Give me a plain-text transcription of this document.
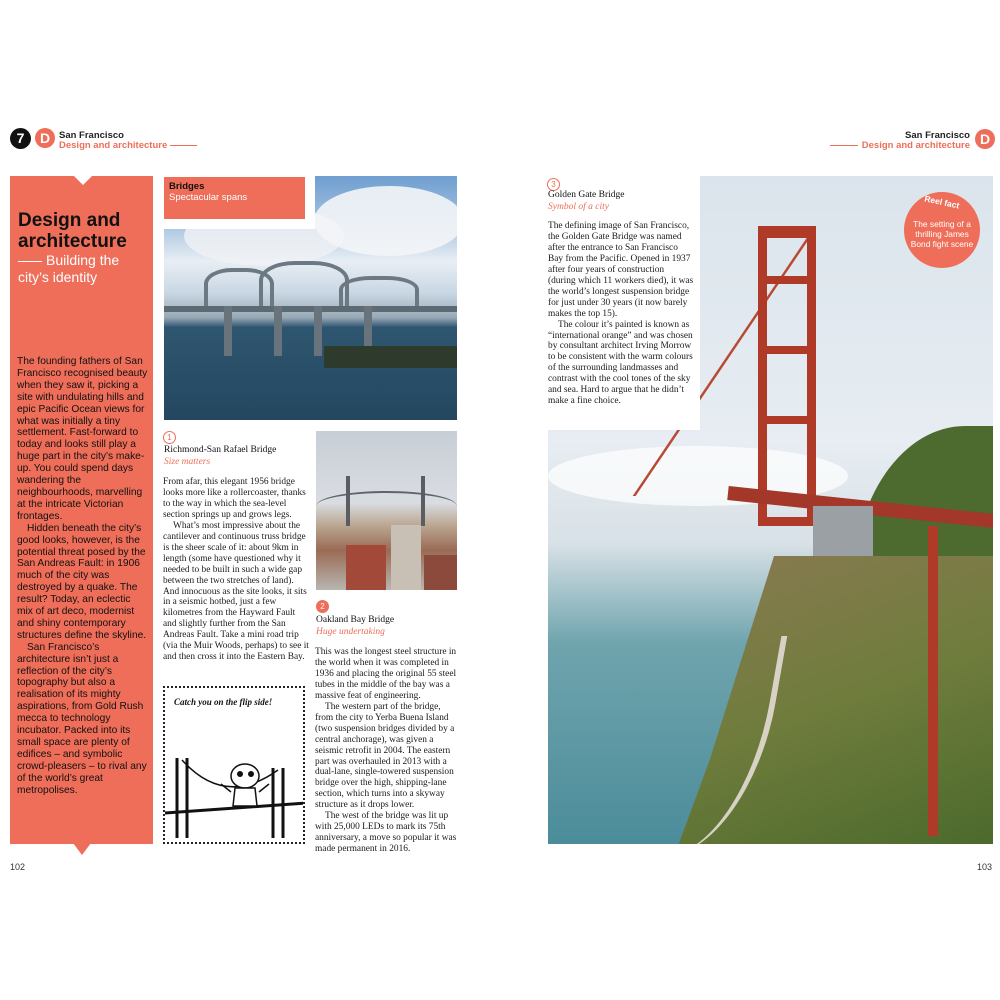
7	D San Francisco
Design and architecture
San Francisco
Design and architecture D
Design and architecture
Building the city’s identity

The founding fathers of San Francisco recognised beauty when they saw it, picking a site with undulating hills and epic Pacific Ocean views for what was initially a tiny settlement. Fast-forward to today and looks still play a huge part in the city’s make-up. You could spend days wandering the neighbourhoods, marvelling at the intricate Victorian frontages.

Hidden beneath the city’s good looks, however, is the potential threat posed by the San Andreas Fault: in 1906 much of the city was destroyed by a quake. The result? Today, an eclectic mix of art deco, modernist and shiny contemporary structures define the skyline.

San Francisco’s architecture isn’t just a reflection of the city’s topography but also a realisation of its mighty aspirations, from Gold Rush mecca to technology incubator. Packed into its small space are plenty of edifices – and symbolic crowd-pleasers – to rival any of the world’s great metropolises.

Bridges
Spectacular spans
1
Richmond-San Rafael Bridge
Size matters

From afar, this elegant 1956 bridge looks more like a rollercoaster, thanks to the way in which the sea-level section springs up and grows legs.

What’s most impressive about the cantilever and continuous truss bridge is the sheer scale of it: about 9km in length (some have questioned why it needed to be built in such a wide gap between the two stretches of land). And innocuous as the site looks, it sits in a seismic hotbed, just a few kilometres from the Hayward Fault and slightly further from the San Andreas Fault. Take a mini road trip (via the Muir Woods, perhaps) to see it and then cross it into the Eastern Bay.

Catch you on the flip side!
2
Oakland Bay Bridge
Huge undertaking

This was the longest steel structure in the world when it was completed in 1936 and placing the original 55 steel tubes in the middle of the bay was a massive feat of engineering.

The western part of the bridge, from the city to Yerba Buena Island (two suspension bridges divided by a central anchorage), was given a seismic retrofit in 2004. The eastern part was overhauled in 2013 with a dual-lane, single-towered suspension bridge over the high, shipping-lane section, which turns into a skyway structure as it drops lower.

The west of the bridge was lit up with 25,000 LEDs to mark its 75th anniversary, a move so popular it was made permanent in 2016.

3
Golden Gate Bridge
Symbol of a city

The defining image of San Francisco, the Golden Gate Bridge was named after the entrance to San Francisco Bay from the Pacific. Opened in 1937 after four years of construction (during which 11 workers died), it was the world’s longest suspension bridge for just under 30 years (it now barely makes the top 15).

The colour it’s painted is known as “international orange” and was chosen by consultant architect Irving Morrow to be consistent with the warm colours of the surrounding landmasses and contrast with the cool tones of the sky and sea. Hard to argue that he didn’t make a fine choice.

Reel fact
The setting of a thrilling James Bond fight scene
102	103
